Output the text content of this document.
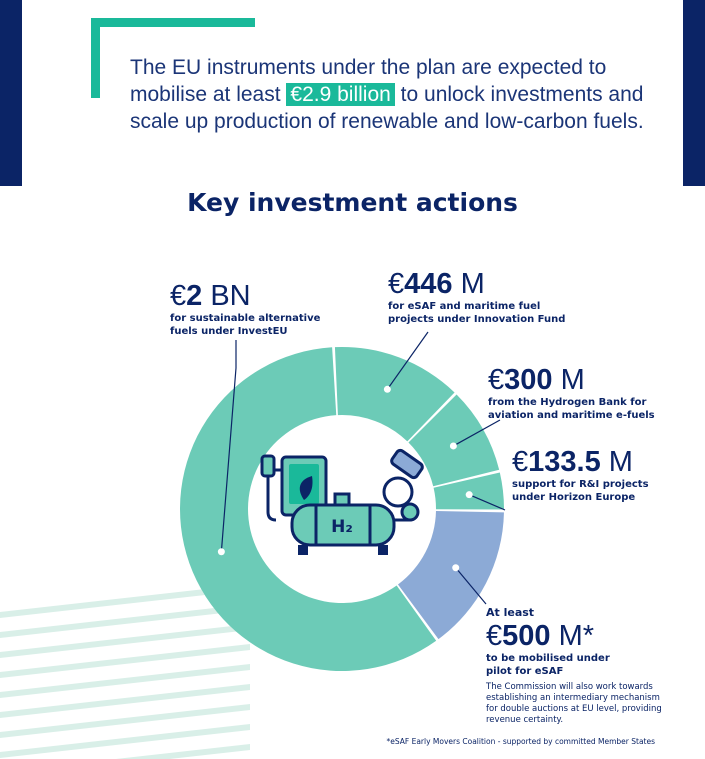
The EU instruments under the plan are expected to mobilise at least €2.9 billion to unlock investments and scale up production of renewable and low-carbon fuels.

Key investment actions
H₂
€2 BN
for sustainable alternative fuels under InvestEU
€446 M
for eSAF and maritime fuel projects under Innovation Fund
€300 M
from the Hydrogen Bank for aviation and maritime e-fuels
€133.5 M
support for R&I projects under Horizon Europe
At least
€500 M*
to be mobilised under pilot for eSAF
The Commission will also work towards establishing an intermediary mechanism for double auctions at EU level, providing revenue certainty.
*eSAF Early Movers Coalition - supported by committed Member States
